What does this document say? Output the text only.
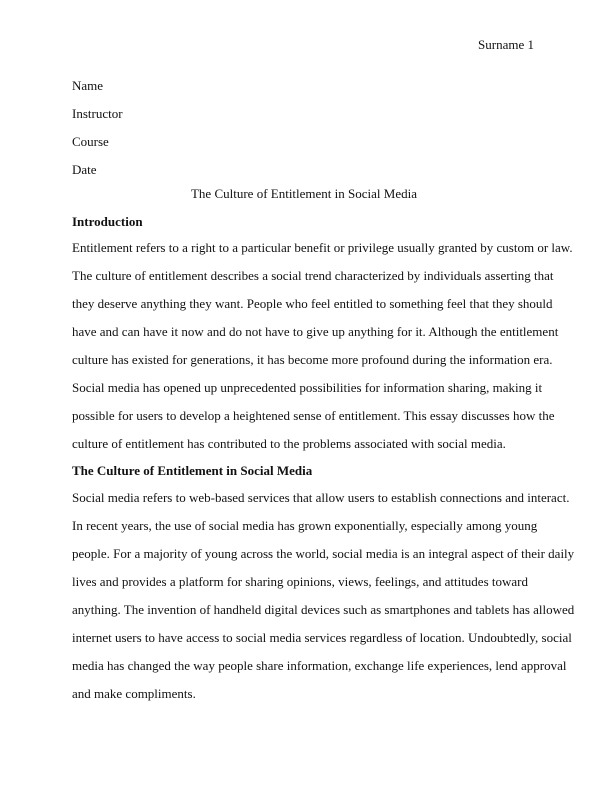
Surname 1
Name
Instructor
Course
Date
The Culture of Entitlement in Social Media
Introduction
Entitlement refers to a right to a particular benefit or privilege usually granted by custom or law.
The culture of entitlement describes a social trend characterized by individuals asserting that
they deserve anything they want. People who feel entitled to something feel that they should
have and can have it now and do not have to give up anything for it. Although the entitlement
culture has existed for generations, it has become more profound during the information era.
Social media has opened up unprecedented possibilities for information sharing, making it
possible for users to develop a heightened sense of entitlement. This essay discusses how the
culture of entitlement has contributed to the problems associated with social media.
The Culture of Entitlement in Social Media
Social media refers to web-based services that allow users to establish connections and interact.
In recent years, the use of social media has grown exponentially, especially among young
people. For a majority of young across the world, social media is an integral aspect of their daily
lives and provides a platform for sharing opinions, views, feelings, and attitudes toward
anything. The invention of handheld digital devices such as smartphones and tablets has allowed
internet users to have access to social media services regardless of location. Undoubtedly, social
media has changed the way people share information, exchange life experiences, lend approval
and make compliments.
